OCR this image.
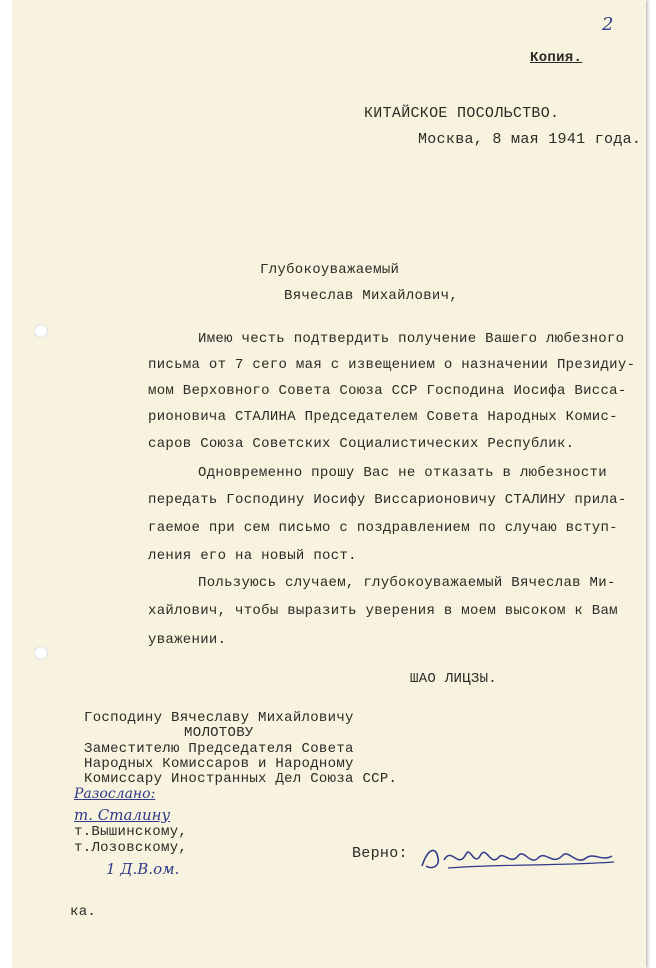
2
Копия.
КИТАЙСКОЕ ПОСОЛЬСТВО.
Москва, 8 мая 1941 года.
Глубокоуважаемый
Вячеслав Михайлович,
Имею честь подтвердить получение Вашего любезного
письма от 7 сего мая с извещением о назначении Президиу-
мом Верховного Совета Союза ССР Господина Иосифа Висса-
рионовича СТАЛИНА Председателем Совета Народных Комис-
саров Союза Советских Социалистических Республик.
Одновременно прошу Вас не отказать в любезности
передать Господину Иосифу Виссарионовичу СТАЛИНУ прила-
гаемое при сем письмо с поздравлением по случаю вступ-
ления его на новый пост.
Пользуюсь случаем, глубокоуважаемый Вячеслав Ми-
хайлович, чтобы выразить уверения в моем высоком к Вам
уважении.
ШАО ЛИЦЗЫ.
Господину Вячеславу Михайловичу
МОЛОТОВУ
Заместителю Председателя Совета
Народных Комиссаров и Народному
Комиссару Иностранных Дел Союза ССР.
Разослано:
т. Сталину
т.Вышинскому,
т.Лозовскому,
1 Д.В.ом.
Верно:
ка.
